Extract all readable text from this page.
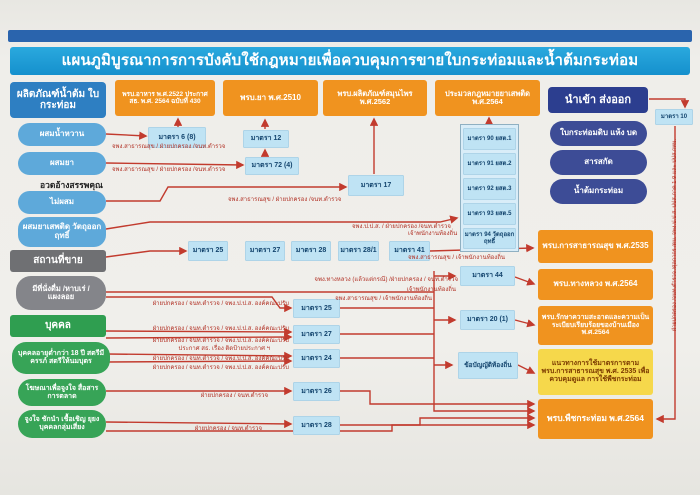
แผนภูมิบูรณาการการบังคับใช้กฎหมายเพื่อควบคุมการขายใบกระท่อมและน้ำต้มกระท่อม
ผลิตภัณฑ์น้ำต้ม ใบกระท่อม
ผสมน้ำหวาน
ผสมยา
อวดอ้างสรรพคุณ
ไม่ผสม
ผสมยาเสพติด วัตถุออกฤทธิ์
สถานที่ขาย
มีที่นั่งดื่ม /หาบเร่ / แผงลอย
บุคคล
บุคคลอายุต่ำกว่า 18 ปี สตรีมีครรภ์ สตรีให้นมบุตร
โฆษณาเพื่อจูงใจ สื่อสารการตลาด
จูงใจ ชักนำ เชื้อเชิญ ยุยง บุคคลกลุ่มเสี่ยง
พรบ.อาหาร พ.ศ.2522 ประกาศ สธ. พ.ศ. 2564 ฉบับที่ 430	พรบ.ยา พ.ศ.2510	พรบ.ผลิตภัณฑ์สมุนไพร พ.ศ.2562
ประมวลกฎหมายยาเสพติด พ.ศ.2564	นำเข้า ส่งออก
ใบกระท่อมดิบ แห้ง บด
สารสกัด
น้ำต้มกระท่อม
มาตรา 10
มาตรา 6 (8)	มาตรา 12
มาตรา 72 (4)
มาตรา 17
มาตรา 90 ยสต.1
มาตรา 91 ยสต.2
มาตรา 92 ยสต.3
มาตรา 93 ยสต.5
มาตรา 94 วัตถุออกฤทธิ์
มาตรา 25	มาตรา 27	มาตรา 28	มาตรา 28/1	มาตรา 41
มาตรา 25
มาตรา 27
มาตรา 24
มาตรา 26
มาตรา 28
มาตรา 44
มาตรา 20 (1)
ข้อบัญญัติท้องถิ่น
พรบ.การสาธารณสุข พ.ศ.2535
พรบ.ทางหลวง พ.ศ.2564
พรบ.รักษาความสะอาดและความเป็นระเบียบเรียบร้อยของบ้านเมือง พ.ศ.2564
แนวทางการใช้มาตรการตาม พรบ.การสาธารณสุข พ.ศ. 2535 เพื่อควบคุมดูแล การใช้พืชกระท่อม
พรบ.พืชกระท่อม พ.ศ.2564
จพง.สาธารณสุข / ฝ่ายปกครอง /จนท.ตำรวจ
จพง.สาธารณสุข / ฝ่ายปกครอง /จนท.ตำรวจ
จพง.สาธารณสุข / ฝ่ายปกครอง /จนท.ตำรวจ
จพง.ป.ป.ส. / ฝ่ายปกครอง /จนท.ตำรวจ
เจ้าพนักงานท้องถิ่น
จพง.สาธารณสุข / เจ้าพนักงานท้องถิ่น
จพง.ทางหลวง (แล้วแต่กรณี) /ฝ่ายปกครอง / จนท.ตำรวจ
เจ้าพนักงานท้องถิ่น
จพง.สาธารณสุข / เจ้าพนักงานท้องถิ่น
ฝ่ายปกครอง / จนท.ตำรวจ / จพง.ป.ป.ส. องค์คณะปรับ
ฝ่ายปกครอง / จนท.ตำรวจ / จพง.ป.ป.ส. องค์คณะปรับ
ฝ่ายปกครอง / จนท.ตำรวจ / จพง.ป.ป.ส. องค์คณะปรับ
ประกาศ สธ. เรื่อง ติดป้ายประกาศ ฯ
ฝ่ายปกครอง / จนท.ตำรวจ / จพง.ป.ป.ส. องค์คณะปรับ
ฝ่ายปกครอง / จนท.ตำรวจ / จพง.ป.ป.ส. องค์คณะปรับ
ฝ่ายปกครอง / จนท.ตำรวจ
ฝ่ายปกครอง / จนท.ตำรวจ
ฝ่ายปกครอง /จนท.ตำรวจ /ศุลกากร /ตม. จพง.ป.ป.ส. ปปส.ภาค 1-9 และ ปปส.กทม.
